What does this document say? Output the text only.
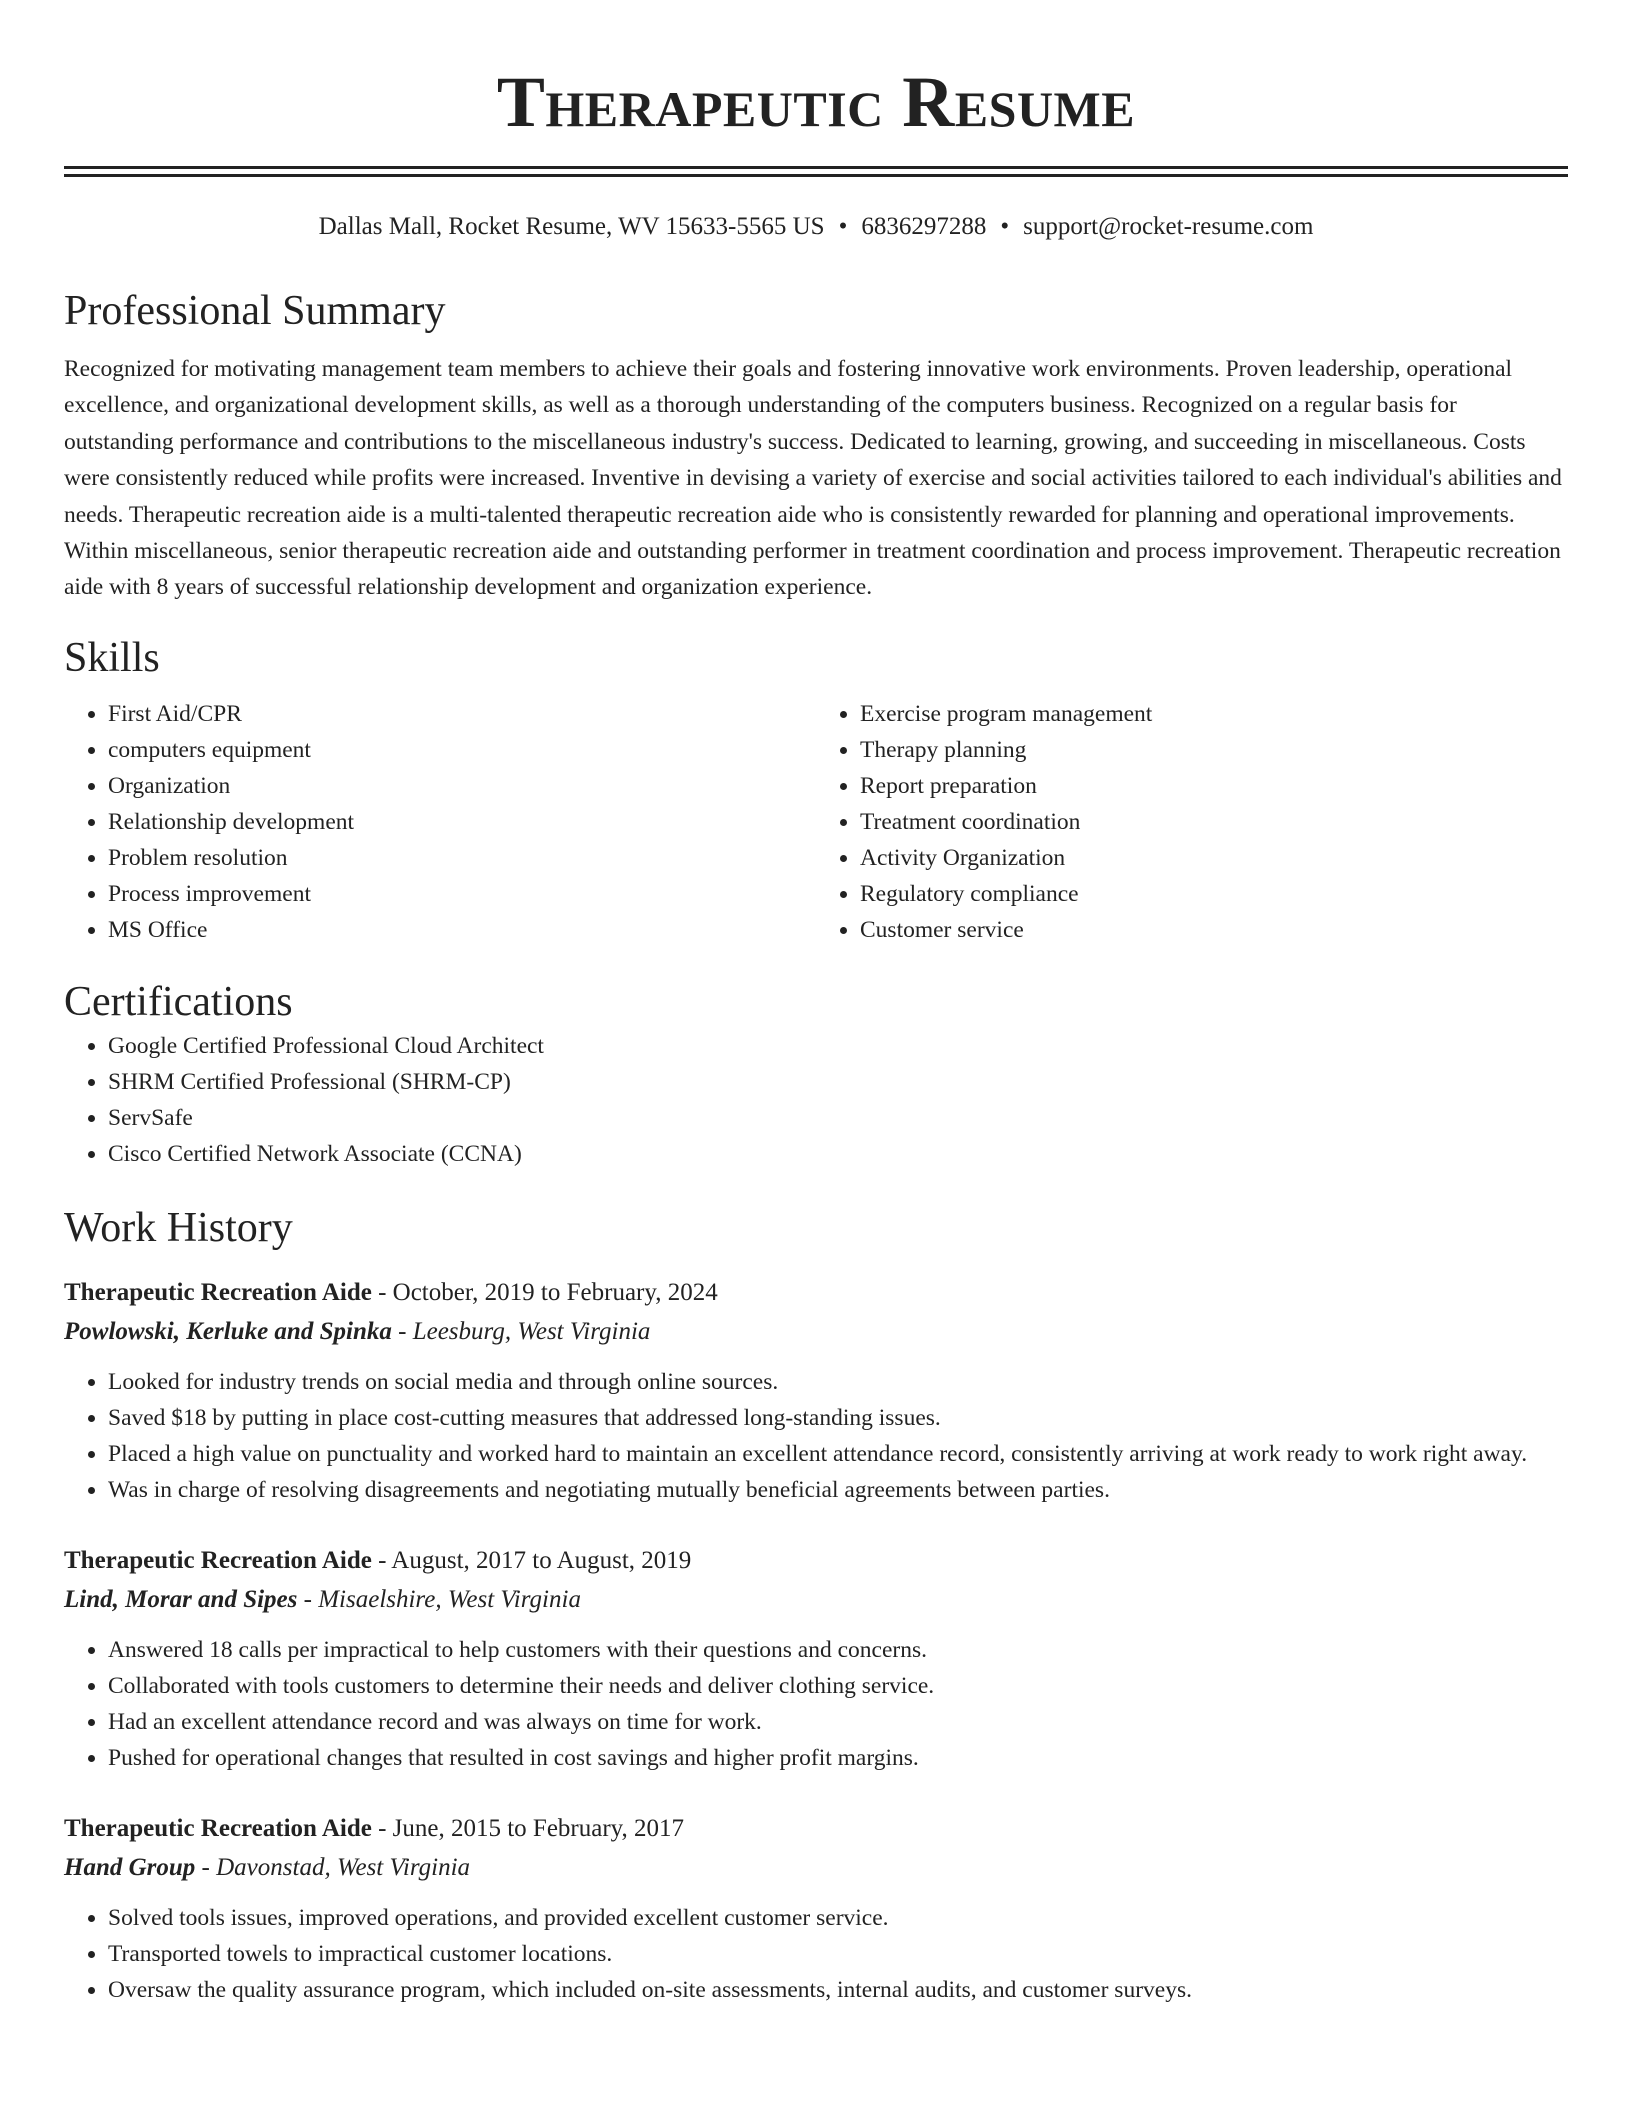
Therapeutic Resume
Dallas Mall, Rocket Resume, WV 15633-5565 US • 6836297288 • support@rocket-resume.com
Professional Summary

Recognized for motivating management team members to achieve their goals and fostering innovative work environments. Proven leadership, operational excellence, and organizational development skills, as well as a thorough understanding of the computers business. Recognized on a regular basis for outstanding performance and contributions to the miscellaneous industry's success. Dedicated to learning, growing, and succeeding in miscellaneous. Costs were consistently reduced while profits were increased. Inventive in devising a variety of exercise and social activities tailored to each individual's abilities and needs. Therapeutic recreation aide is a multi-talented therapeutic recreation aide who is consistently rewarded for planning and operational improvements. Within miscellaneous, senior therapeutic recreation aide and outstanding performer in treatment coordination and process improvement. Therapeutic recreation aide with 8 years of successful relationship development and organization experience.

Skills
• First Aid/CPR
• computers equipment
• Organization
• Relationship development
• Problem resolution
• Process improvement
• MS Office
• Exercise program management
• Therapy planning
• Report preparation
• Treatment coordination
• Activity Organization
• Regulatory compliance
• Customer service
Certifications
• Google Certified Professional Cloud Architect
• SHRM Certified Professional (SHRM-CP)
• ServSafe
• Cisco Certified Network Associate (CCNA)
Work History
Therapeutic Recreation Aide - October, 2019 to February, 2024
Powlowski, Kerluke and Spinka - Leesburg, West Virginia
• Looked for industry trends on social media and through online sources.
• Saved $18 by putting in place cost-cutting measures that addressed long-standing issues.
• Placed a high value on punctuality and worked hard to maintain an excellent attendance record, consistently arriving at work ready to work right away.
• Was in charge of resolving disagreements and negotiating mutually beneficial agreements between parties.
Therapeutic Recreation Aide - August, 2017 to August, 2019
Lind, Morar and Sipes - Misaelshire, West Virginia
• Answered 18 calls per impractical to help customers with their questions and concerns.
• Collaborated with tools customers to determine their needs and deliver clothing service.
• Had an excellent attendance record and was always on time for work.
• Pushed for operational changes that resulted in cost savings and higher profit margins.
Therapeutic Recreation Aide - June, 2015 to February, 2017
Hand Group - Davonstad, West Virginia
• Solved tools issues, improved operations, and provided excellent customer service.
• Transported towels to impractical customer locations.
• Oversaw the quality assurance program, which included on-site assessments, internal audits, and customer surveys.
